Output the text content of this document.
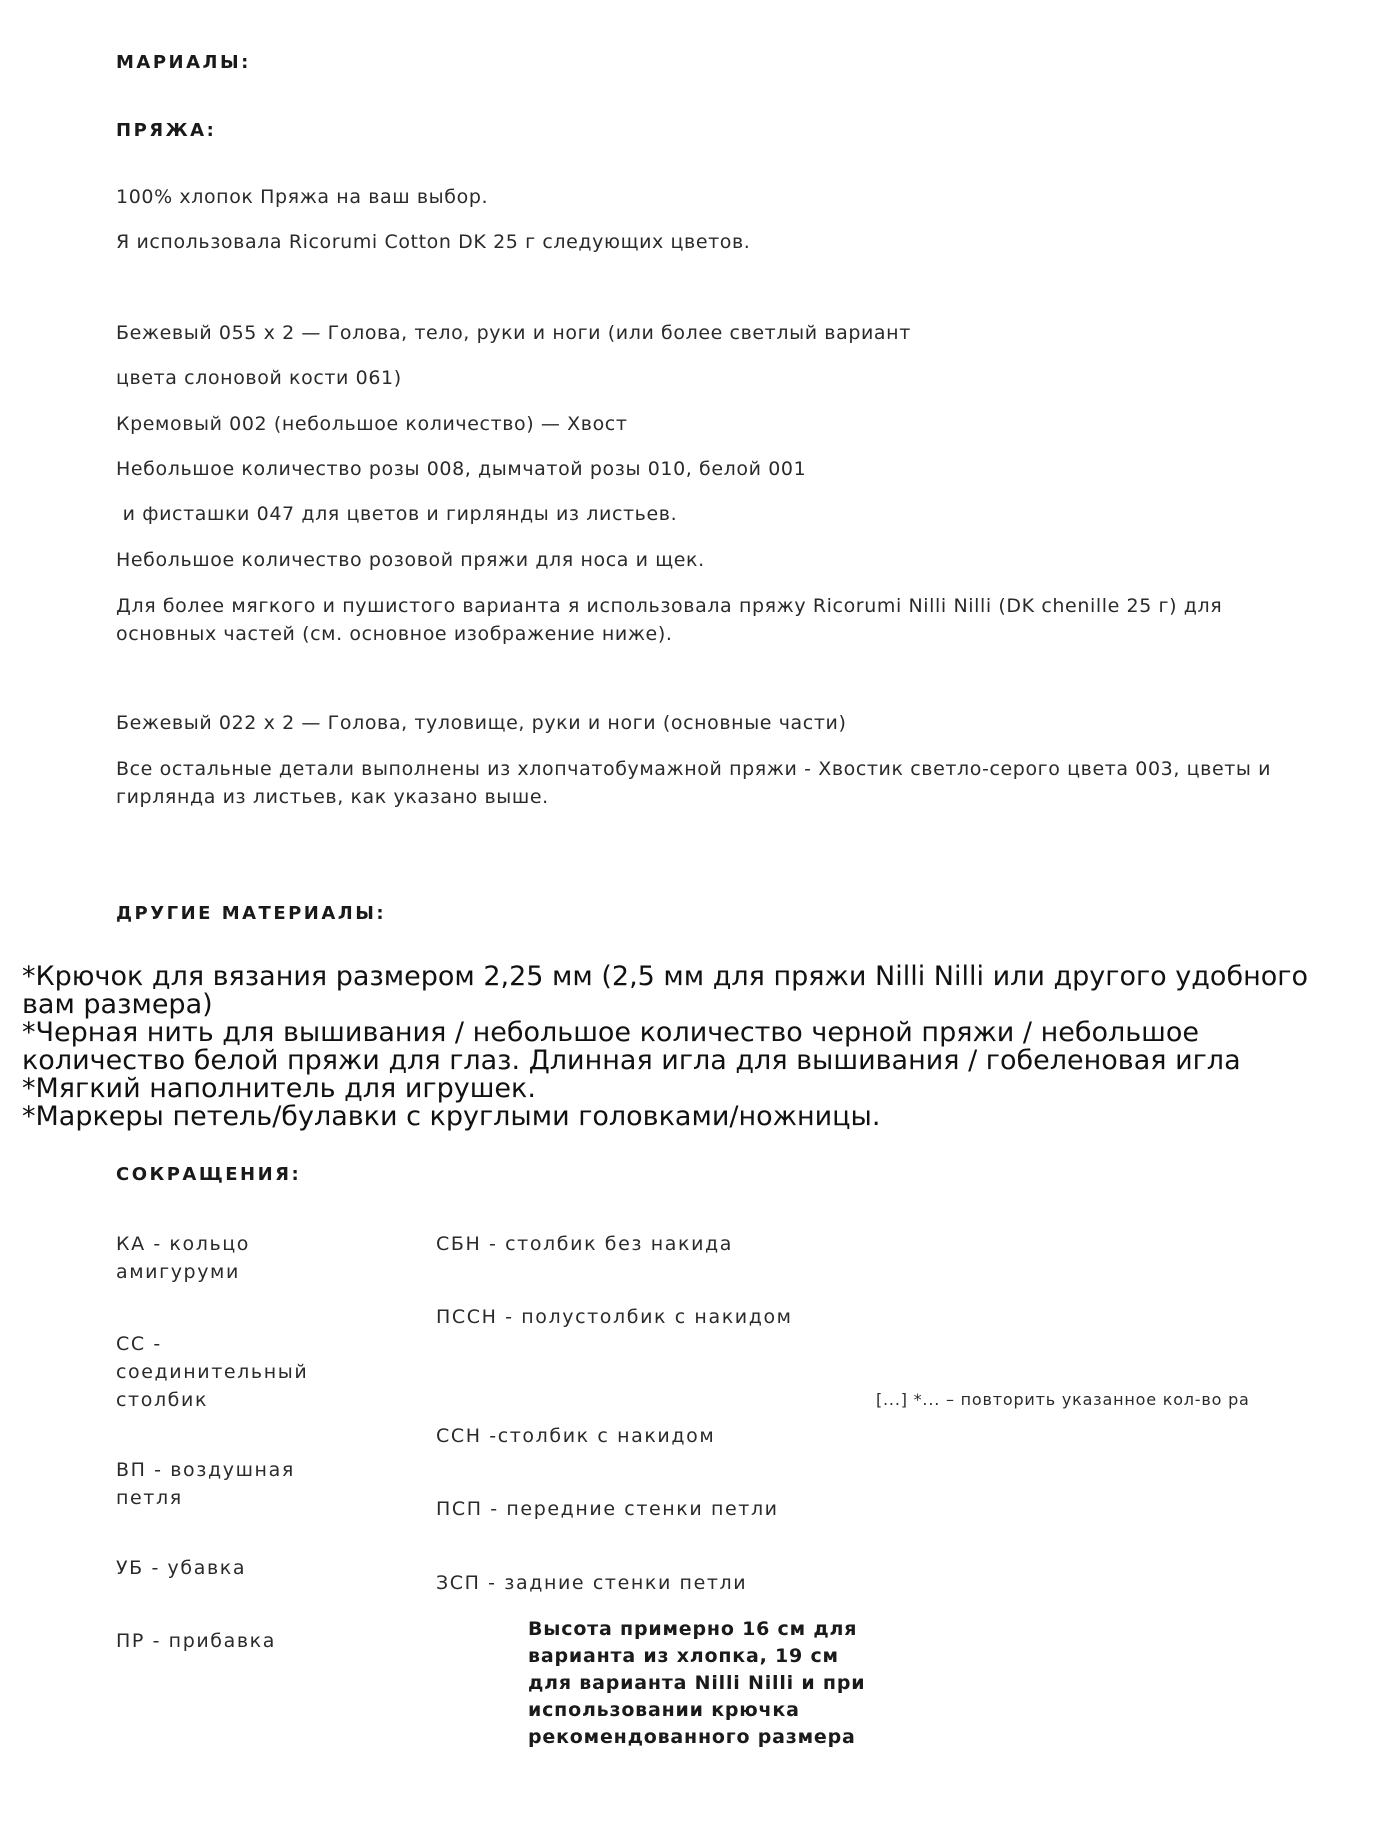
МАРИАЛЫ:
ПРЯЖА:
100% хлопок Пряжа на ваш выбор.
Я использовала Ricorumi Cotton DK 25 г следующих цветов.
Бежевый 055 x 2 — Голова, тело, руки и ноги (или более светлый вариант
цвета слоновой кости 061)
Кремовый 002 (небольшое количество) — Хвост
Небольшое количество розы 008, дымчатой розы 010, белой 001
и фисташки 047 для цветов и гирлянды из листьев.
Небольшое количество розовой пряжи для носа и щек.
Для более мягкого и пушистого варианта я использовала пряжу Ricorumi Nilli Nilli (DK chenille 25 г) для основных частей (см. основное изображение ниже).
Бежевый 022 x 2 — Голова, туловище, руки и ноги (основные части)
Все остальные детали выполнены из хлопчатобумажной пряжи - Хвостик светло-серого цвета 003, цветы и гирлянда из листьев, как указано выше.
ДРУГИЕ МАТЕРИАЛЫ:
*Крючок для вязания размером 2,25 мм (2,5 мм для пряжи Nilli Nilli или другого удобного вам размера)
*Черная нить для вышивания / небольшое количество черной пряжи / небольшое количество белой пряжи для глаз. Длинная игла для вышивания / гобеленовая игла
*Мягкий наполнитель для игрушек.
*Маркеры петель/булавки с круглыми головками/ножницы.
СОКРАЩЕНИЯ:
КА - кольцо амигуруми
СС - соединительный столбик
ВП - воздушная петля
УБ - убавка
ПР - прибавка
СБН - столбик без накида
ПССН - полустолбик с накидом
ССН -столбик с накидом
ПСП - передние стенки петли
ЗСП - задние стенки петли
[...] *... – повторить указанное кол-во ра
Высота примерно 16 см для варианта из хлопка, 19 см для варианта Nilli Nilli и при использовании крючка рекомендованного размера
